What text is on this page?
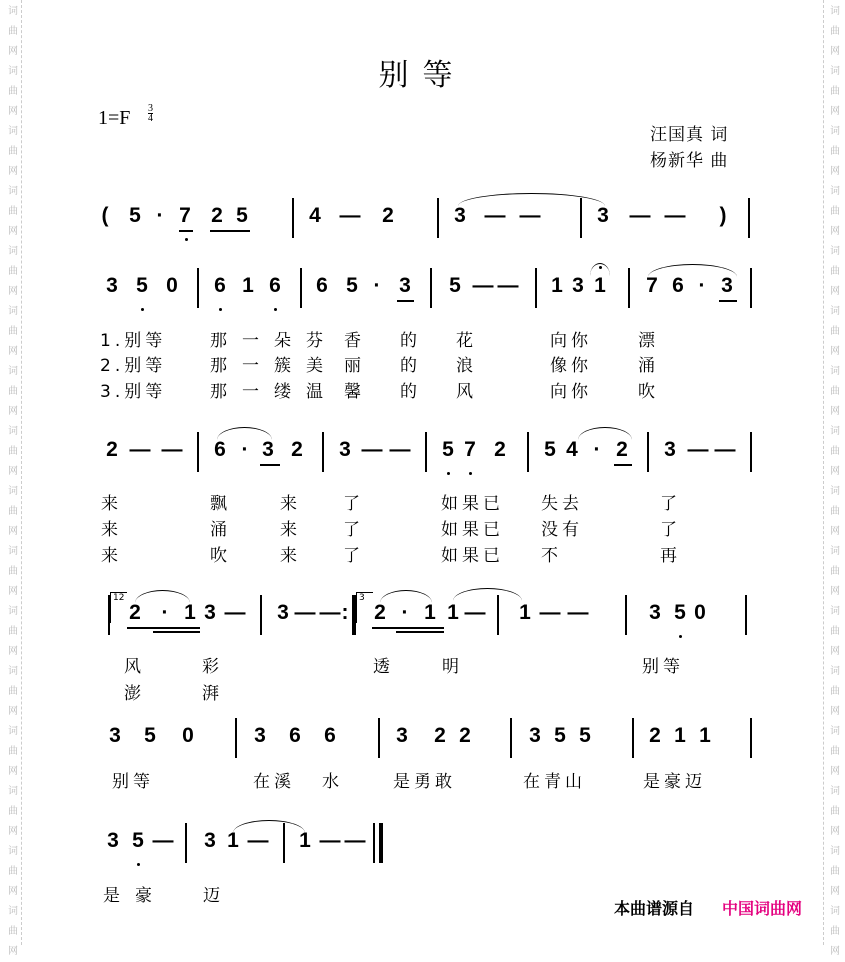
词
曲
网
词
曲
网
词
曲
网
词
曲
网
词
曲
网
词
曲
网
词
曲
网
词
曲
网
词
曲
网
词
曲
网
词
曲
网
词
曲
网
词
曲
网
词
曲
网
词
曲
网
词
曲
网
词
曲
网
词
曲
网
词
曲
网
词
曲
网
词
曲
网
词
曲
网
词
曲
网
词
曲
网
词
曲
网
词
曲
网
词
曲
网
词
曲
网
词
曲
网
词
曲
网
词
曲
网
词
曲
网
别等
1=F 3
4
汪国真 词
杨新华 曲
( 5 · 7 2 5	4 — 2	3 — —	3 — — )
3 5 0 6 1 6 6 5 · 3 5 — — 1 3 1 7 6 · 3
2 — — 6 · 3 2 3 — — 5 7 2 5 4 · 2 3 — —
2 · 1 3 — 3 — — : 2 · 1 1 — 1 — —	3 5 0
3 5 0	3 6 6	3 2 2	3 5 5	2 1 1
3 5 — 3 1 — 1 — —
12	3
1.别等	那 一 朵 芬 香 的 花	向你	漂
2.别等	那 一 簇 美 丽 的 浪	像你	涌
3.别等	那 一 缕 温 馨 的 风	向你	吹
来	飘	来 了	如果已 失去	了
来	涌	来 了	如果已 没有	了
来	吹	来 了	如果已 不	再
风	彩	透	明	别等
澎	湃
别等	在溪 水	是勇敢	在青山	是豪迈
是 豪	迈
本曲谱源自 中国词曲网
